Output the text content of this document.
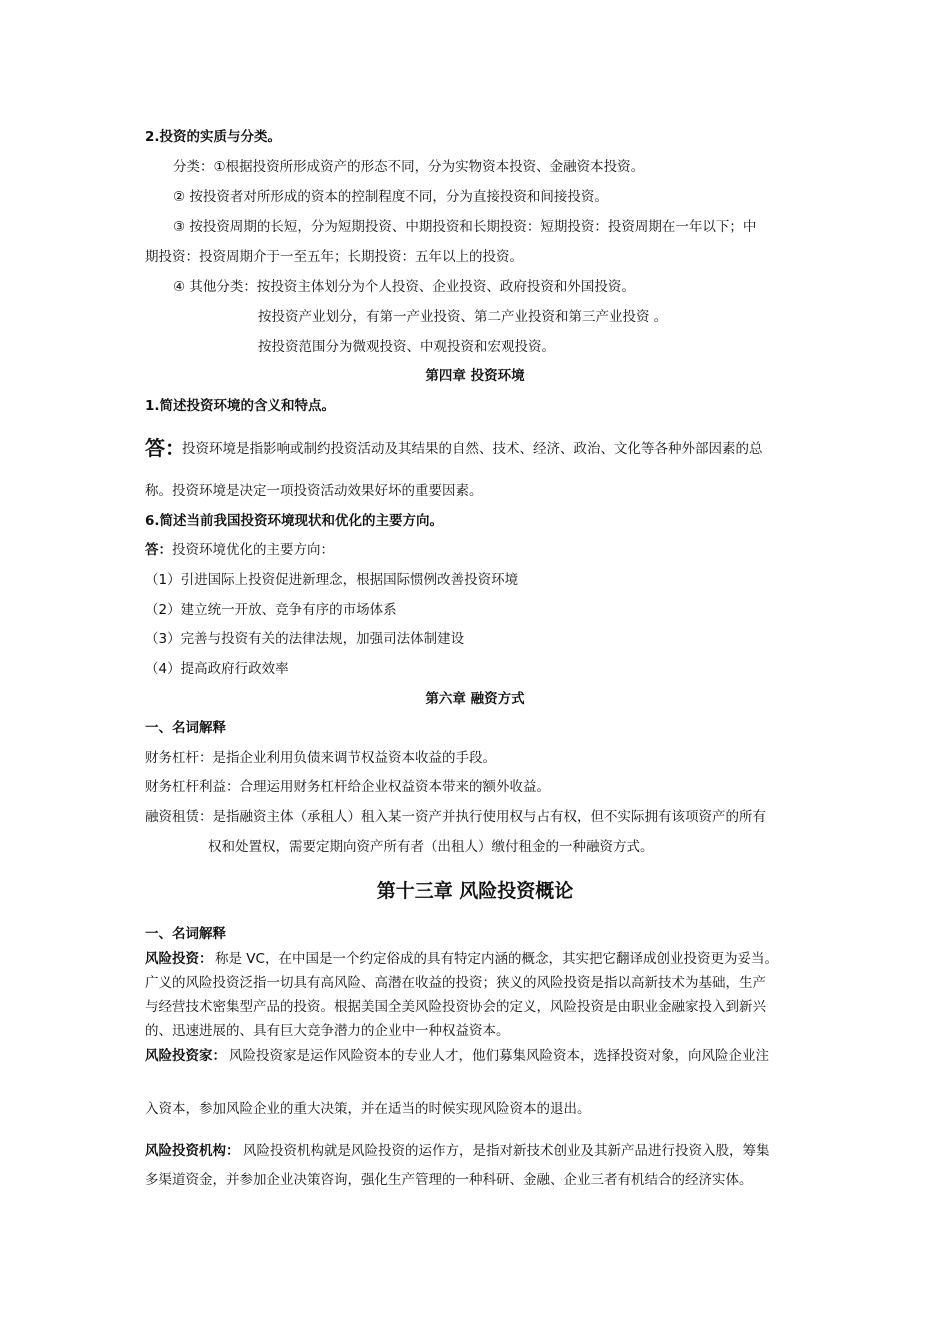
2.投资的实质与分类。
分类：①根据投资所形成资产的形态不同，分为实物资本投资、金融资本投资。
② 按投资者对所形成的资本的控制程度不同，分为直接投资和间接投资。
③ 按投资周期的长短，分为短期投资、中期投资和长期投资：短期投资：投资周期在一年以下；中
期投资：投资周期介于一至五年；长期投资：五年以上的投资。
④ 其他分类：按投资主体划分为个人投资、企业投资、政府投资和外国投资。
按投资产业划分，有第一产业投资、第二产业投资和第三产业投资 。
按投资范围分为微观投资、中观投资和宏观投资。
第四章 投资环境
1.简述投资环境的含义和特点。
答：
投资环境是指影响或制约投资活动及其结果的自然、技术、经济、政治、文化等各种外部因素的总
称。投资环境是决定一项投资活动效果好坏的重要因素。
6.简述当前我国投资环境现状和优化的主要方向。
答： 投资环境优化的主要方向：
（1）引进国际上投资促进新理念，根据国际惯例改善投资环境
（2）建立统一开放、竞争有序的市场体系
（3）完善与投资有关的法律法规，加强司法体制建设
（4）提高政府行政效率
第六章 融资方式
一、名词解释
财务杠杆：是指企业利用负债来调节权益资本收益的手段。
财务杠杆利益：合理运用财务杠杆给企业权益资本带来的额外收益。
融资租赁：是指融资主体（承租人）租入某一资产并执行使用权与占有权，但不实际拥有该项资产的所有
权和处置权，需要定期向资产所有者（出租人）缴付租金的一种融资方式。
第十三章 风险投资概论
一、名词解释
风险投资： 称是 VC，在中国是一个约定俗成的具有特定内涵的概念，其实把它翻译成创业投资更为妥当。
广义的风险投资泛指一切具有高风险、高潜在收益的投资；狭义的风险投资是指以高新技术为基础，生产
与经营技术密集型产品的投资。根据美国全美风险投资协会的定义，风险投资是由职业金融家投入到新兴
的、迅速进展的、具有巨大竞争潜力的企业中一种权益资本。
风险投资家： 风险投资家是运作风险资本的专业人才，他们募集风险资本，选择投资对象，向风险企业注
入资本，参加风险企业的重大决策，并在适当的时候实现风险资本的退出。
风险投资机构： 风险投资机构就是风险投资的运作方，是指对新技术创业及其新产品进行投资入股，筹集
多渠道资金，并参加企业决策咨询，强化生产管理的一种科研、金融、企业三者有机结合的经济实体。
